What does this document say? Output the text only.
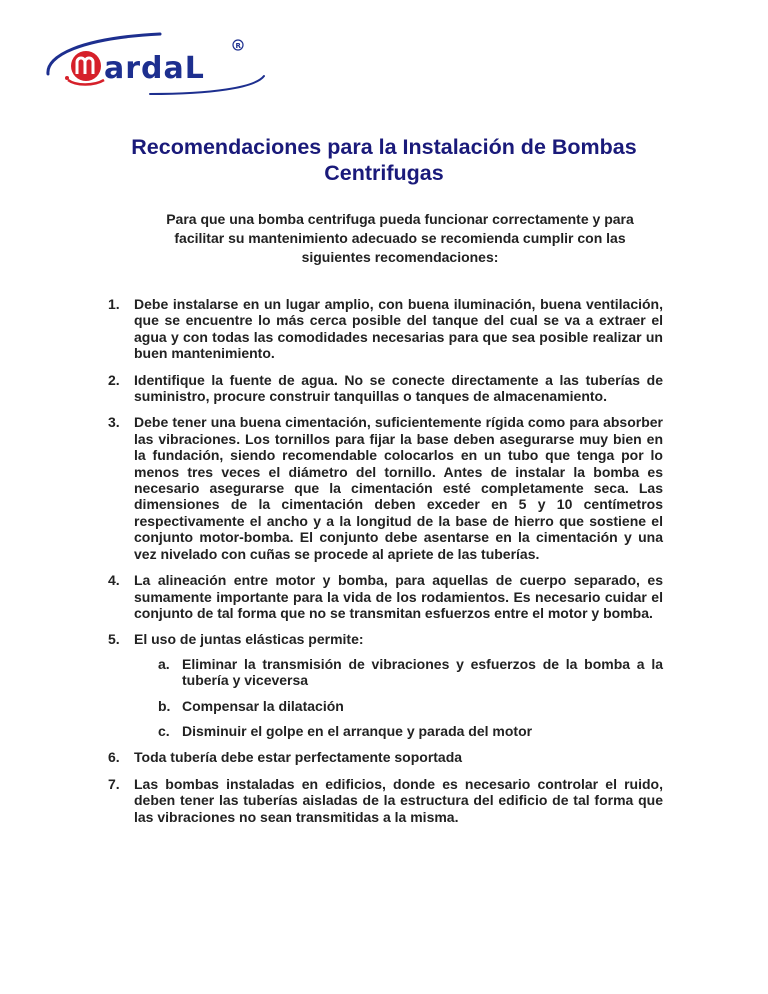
ardaL
R
Recomendaciones para la Instalación de Bombas
Centrifugas
Para que una bomba centrifuga pueda funcionar correctamente y para
facilitar su mantenimiento adecuado se recomienda cumplir con las
siguientes recomendaciones:
1. Debe instalarse en un lugar amplio, con buena iluminación, buena ventilación, que se encuentre lo más cerca posible del tanque del cual se va a extraer el agua y con todas las comodidades necesarias para que sea posible realizar un buen mantenimiento.
2. Identifique la fuente de agua. No se conecte directamente a las tuberías de suministro, procure construir tanquillas o tanques de almacenamiento.
3. Debe tener una buena cimentación, suficientemente rígida como para absorber las vibraciones. Los tornillos para fijar la base deben asegurarse muy bien en la fundación, siendo recomendable colocarlos en un tubo que tenga por lo menos tres veces el diámetro del tornillo. Antes de instalar la bomba es necesario asegurarse que la cimentación esté completamente seca. Las dimensiones de la cimentación deben exceder en 5 y 10 centímetros respectivamente el ancho y a la longitud de la base de hierro que sostiene el conjunto motor-bomba. El conjunto debe asentarse en la cimentación y una vez nivelado con cuñas se procede al apriete de las tuberías.
4. La alineación entre motor y bomba, para aquellas de cuerpo separado, es sumamente importante para la vida de los rodamientos. Es necesario cuidar el conjunto de tal forma que no se transmitan esfuerzos entre el motor y bomba.
5. El uso de juntas elásticas permite:
a. Eliminar la transmisión de vibraciones y esfuerzos de la bomba a la tubería y viceversa
b. Compensar la dilatación
c. Disminuir el golpe en el arranque y parada del motor
6. Toda tubería debe estar perfectamente soportada
7. Las bombas instaladas en edificios, donde es necesario controlar el ruido, deben tener las tuberías aisladas de la estructura del edificio de tal forma que las vibraciones no sean transmitidas a la misma.
